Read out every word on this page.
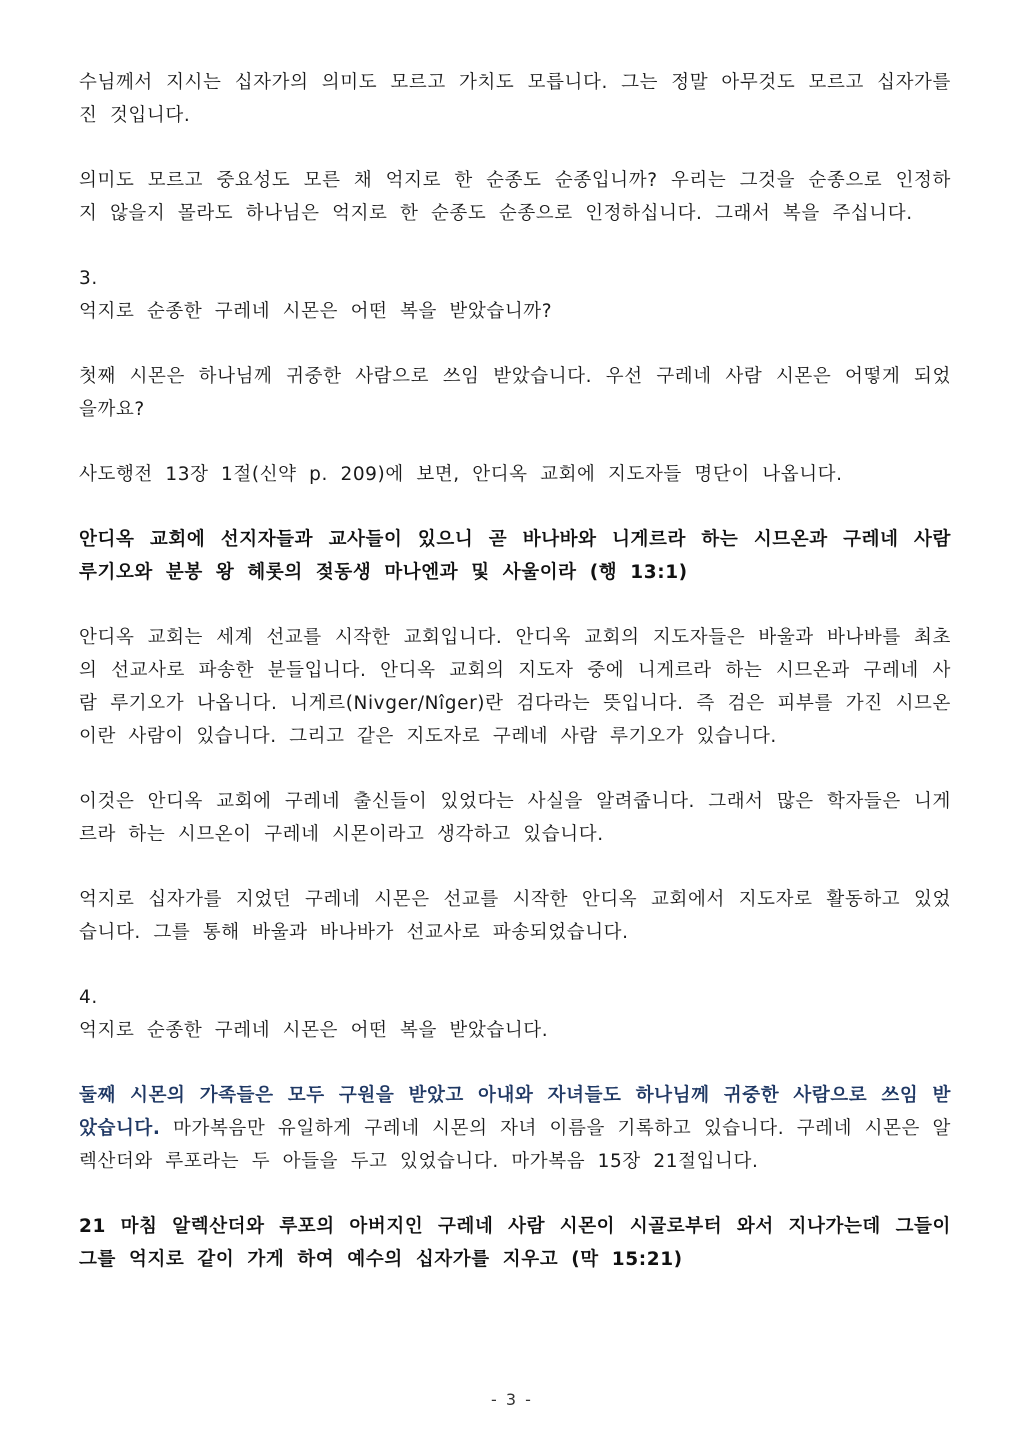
수님께서 지시는 십자가의 의미도 모르고 가치도 모릅니다. 그는 정말 아무것도 모르고 십자가를 진 것입니다.

의미도 모르고 중요성도 모른 채 억지로 한 순종도 순종입니까? 우리는 그것을 순종으로 인정하지 않을지 몰라도 하나님은 억지로 한 순종도 순종으로 인정하십니다. 그래서 복을 주십니다.

3.

억지로 순종한 구레네 시몬은 어떤 복을 받았습니까?

첫째 시몬은 하나님께 귀중한 사람으로 쓰임 받았습니다. 우선 구레네 사람 시몬은 어떻게 되었을까요?

사도행전 13장 1절(신약 p. 209)에 보면, 안디옥 교회에 지도자들 명단이 나옵니다.

안디옥 교회에 선지자들과 교사들이 있으니 곧 바나바와 니게르라 하는 시므온과 구레네 사람 루기오와 분봉 왕 헤롯의 젖동생 마나엔과 및 사울이라 (행 13:1)

안디옥 교회는 세계 선교를 시작한 교회입니다. 안디옥 교회의 지도자들은 바울과 바나바를 최초의 선교사로 파송한 분들입니다. 안디옥 교회의 지도자 중에 니게르라 하는 시므온과 구레네 사람 루기오가 나옵니다. 니게르(Nivger/Nîger)란 검다라는 뜻입니다. 즉 검은 피부를 가진 시므온이란 사람이 있습니다. 그리고 같은 지도자로 구레네 사람 루기오가 있습니다.

이것은 안디옥 교회에 구레네 출신들이 있었다는 사실을 알려줍니다. 그래서 많은 학자들은 니게르라 하는 시므온이 구레네 시몬이라고 생각하고 있습니다.

억지로 십자가를 지었던 구레네 시몬은 선교를 시작한 안디옥 교회에서 지도자로 활동하고 있었습니다. 그를 통해 바울과 바나바가 선교사로 파송되었습니다.

4.

억지로 순종한 구레네 시몬은 어떤 복을 받았습니다.

둘째 시몬의 가족들은 모두 구원을 받았고 아내와 자녀들도 하나님께 귀중한 사람으로 쓰임 받았습니다. 마가복음만 유일하게 구레네 시몬의 자녀 이름을 기록하고 있습니다. 구레네 시몬은 알렉산더와 루포라는 두 아들을 두고 있었습니다. 마가복음 15장 21절입니다.

21 마침 알렉산더와 루포의 아버지인 구레네 사람 시몬이 시골로부터 와서 지나가는데 그들이 그를 억지로 같이 가게 하여 예수의 십자가를 지우고 (막 15:21)

- 3 -
